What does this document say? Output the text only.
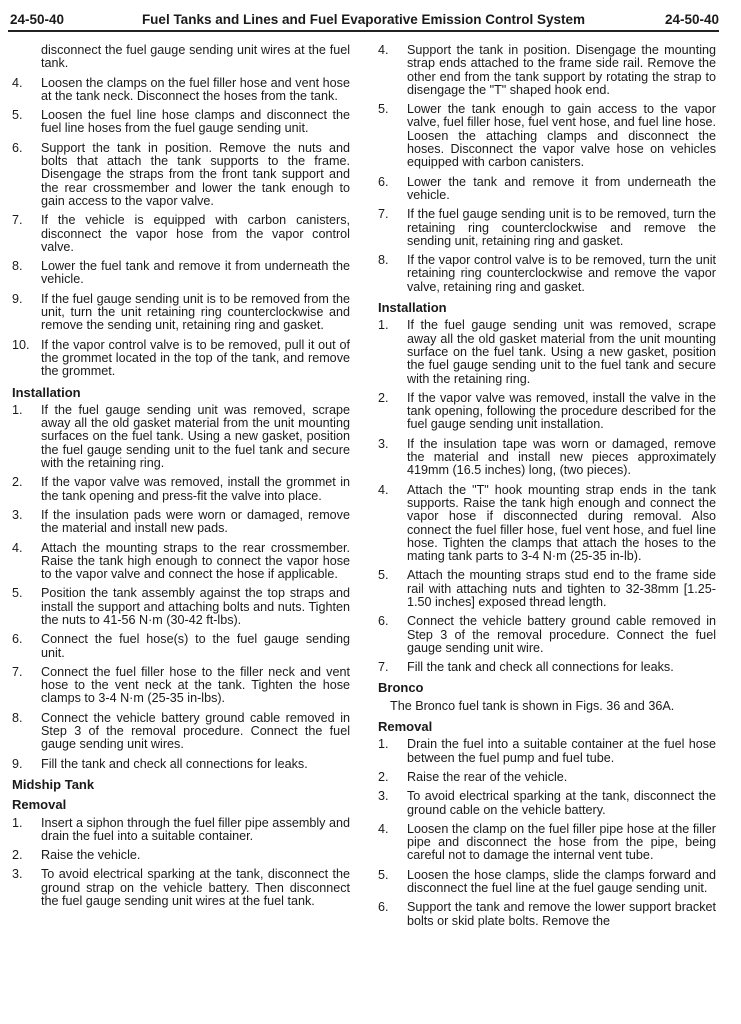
24-50-40	Fuel Tanks and Lines and Fuel Evaporative Emission Control System	24-50-40
disconnect the fuel gauge sending unit wires at the fuel tank.
4. Loosen the clamps on the fuel filler hose and vent hose at the tank neck. Disconnect the hoses from the tank.
5. Loosen the fuel line hose clamps and disconnect the fuel line hoses from the fuel gauge sending unit.
6. Support the tank in position. Remove the nuts and bolts that attach the tank supports to the frame. Disengage the straps from the front tank support and the rear crossmember and lower the tank enough to gain access to the vapor valve.
7. If the vehicle is equipped with carbon canisters, disconnect the vapor hose from the vapor control valve.
8. Lower the fuel tank and remove it from underneath the vehicle.
9. If the fuel gauge sending unit is to be removed from the unit, turn the unit retaining ring counterclockwise and remove the sending unit, retaining ring and gasket.
10. If the vapor control valve is to be removed, pull it out of the grommet located in the top of the tank, and remove the grommet.
Installation
1. If the fuel gauge sending unit was removed, scrape away all the old gasket material from the unit mounting surfaces on the fuel tank. Using a new gasket, position the fuel gauge sending unit to the fuel tank and secure with the retaining ring.
2. If the vapor valve was removed, install the grommet in the tank opening and press-fit the valve into place.
3. If the insulation pads were worn or damaged, remove the material and install new pads.
4. Attach the mounting straps to the rear crossmember. Raise the tank high enough to connect the vapor hose to the vapor valve and connect the hose if applicable.
5. Position the tank assembly against the top straps and install the support and attaching bolts and nuts. Tighten the nuts to 41-56 N·m (30-42 ft-lbs).
6. Connect the fuel hose(s) to the fuel gauge sending unit.
7. Connect the fuel filler hose to the filler neck and vent hose to the vent neck at the tank. Tighten the hose clamps to 3-4 N·m (25-35 in-lbs).
8. Connect the vehicle battery ground cable removed in Step 3 of the removal procedure. Connect the fuel gauge sending unit wires.
9. Fill the tank and check all connections for leaks.
Midship Tank
Removal
1. Insert a siphon through the fuel filler pipe assembly and drain the fuel into a suitable container.
2. Raise the vehicle.
3. To avoid electrical sparking at the tank, disconnect the ground strap on the vehicle battery. Then disconnect the fuel gauge sending unit wires at the fuel tank.
4. Support the tank in position. Disengage the mounting strap ends attached to the frame side rail. Remove the other end from the tank support by rotating the strap to disengage the "T" shaped hook end.
5. Lower the tank enough to gain access to the vapor valve, fuel filler hose, fuel vent hose, and fuel line hose. Loosen the attaching clamps and disconnect the hoses. Disconnect the vapor valve hose on vehicles equipped with carbon canisters.
6. Lower the tank and remove it from underneath the vehicle.
7. If the fuel gauge sending unit is to be removed, turn the retaining ring counterclockwise and remove the sending unit, retaining ring and gasket.
8. If the vapor control valve is to be removed, turn the unit retaining ring counterclockwise and remove the vapor valve, retaining ring and gasket.
Installation
1. If the fuel gauge sending unit was removed, scrape away all the old gasket material from the unit mounting surface on the fuel tank. Using a new gasket, position the fuel gauge sending unit to the fuel tank and secure with the retaining ring.
2. If the vapor valve was removed, install the valve in the tank opening, following the procedure described for the fuel gauge sending unit installation.
3. If the insulation tape was worn or damaged, remove the material and install new pieces approximately 419mm (16.5 inches) long, (two pieces).
4. Attach the "T" hook mounting strap ends in the tank supports. Raise the tank high enough and connect the vapor hose if disconnected during removal. Also connect the fuel filler hose, fuel vent hose, and fuel line hose. Tighten the clamps that attach the hoses to the mating tank parts to 3-4 N·m (25-35 in-lb).
5. Attach the mounting straps stud end to the frame side rail with attaching nuts and tighten to 32-38mm [1.25-1.50 inches] exposed thread length.
6. Connect the vehicle battery ground cable removed in Step 3 of the removal procedure. Connect the fuel gauge sending unit wire.
7. Fill the tank and check all connections for leaks.
Bronco
The Bronco fuel tank is shown in Figs. 36 and 36A.
Removal
1. Drain the fuel into a suitable container at the fuel hose between the fuel pump and fuel tube.
2. Raise the rear of the vehicle.
3. To avoid electrical sparking at the tank, disconnect the ground cable on the vehicle battery.
4. Loosen the clamp on the fuel filler pipe hose at the filler pipe and disconnect the hose from the pipe, being careful not to damage the internal vent tube.
5. Loosen the hose clamps, slide the clamps forward and disconnect the fuel line at the fuel gauge sending unit.
6. Support the tank and remove the lower support bracket bolts or skid plate bolts. Remove the
